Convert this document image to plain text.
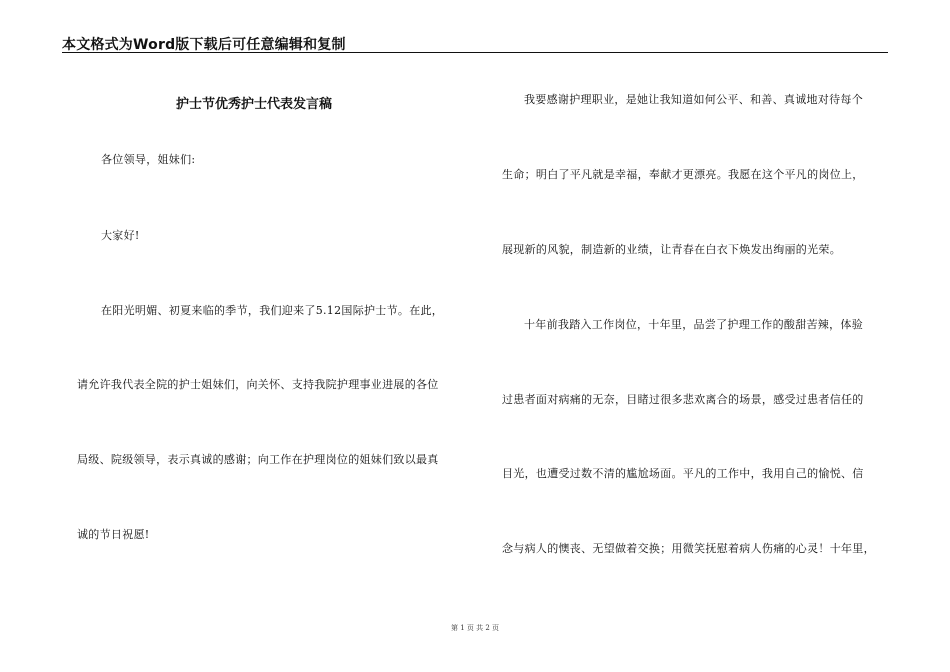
本文格式为Word版下载后可任意编辑和复制
护士节优秀护士代表发言稿
各位领导，姐妹们:
大家好!
在阳光明媚、初夏来临的季节，我们迎来了5.12国际护士节。在此，
请允许我代表全院的护士姐妹们，向关怀、支持我院护理事业进展的各位
局级、院级领导，表示真诚的感谢；向工作在护理岗位的姐妹们致以最真
诚的节日祝愿!
我要感谢护理职业，是她让我知道如何公平、和善、真诚地对待每个
生命；明白了平凡就是幸福，奉献才更漂亮。我愿在这个平凡的岗位上，
展现新的风貌，制造新的业绩，让青春在白衣下焕发出绚丽的光荣。
十年前我踏入工作岗位，十年里，品尝了护理工作的酸甜苦辣，体验
过患者面对病痛的无奈，目睹过很多悲欢离合的场景，感受过患者信任的
目光，也遭受过数不清的尴尬场面。平凡的工作中，我用自己的愉悦、信
念与病人的懊丧、无望做着交换；用微笑抚慰着病人伤痛的心灵！十年里，
第 1 页 共 2 页
